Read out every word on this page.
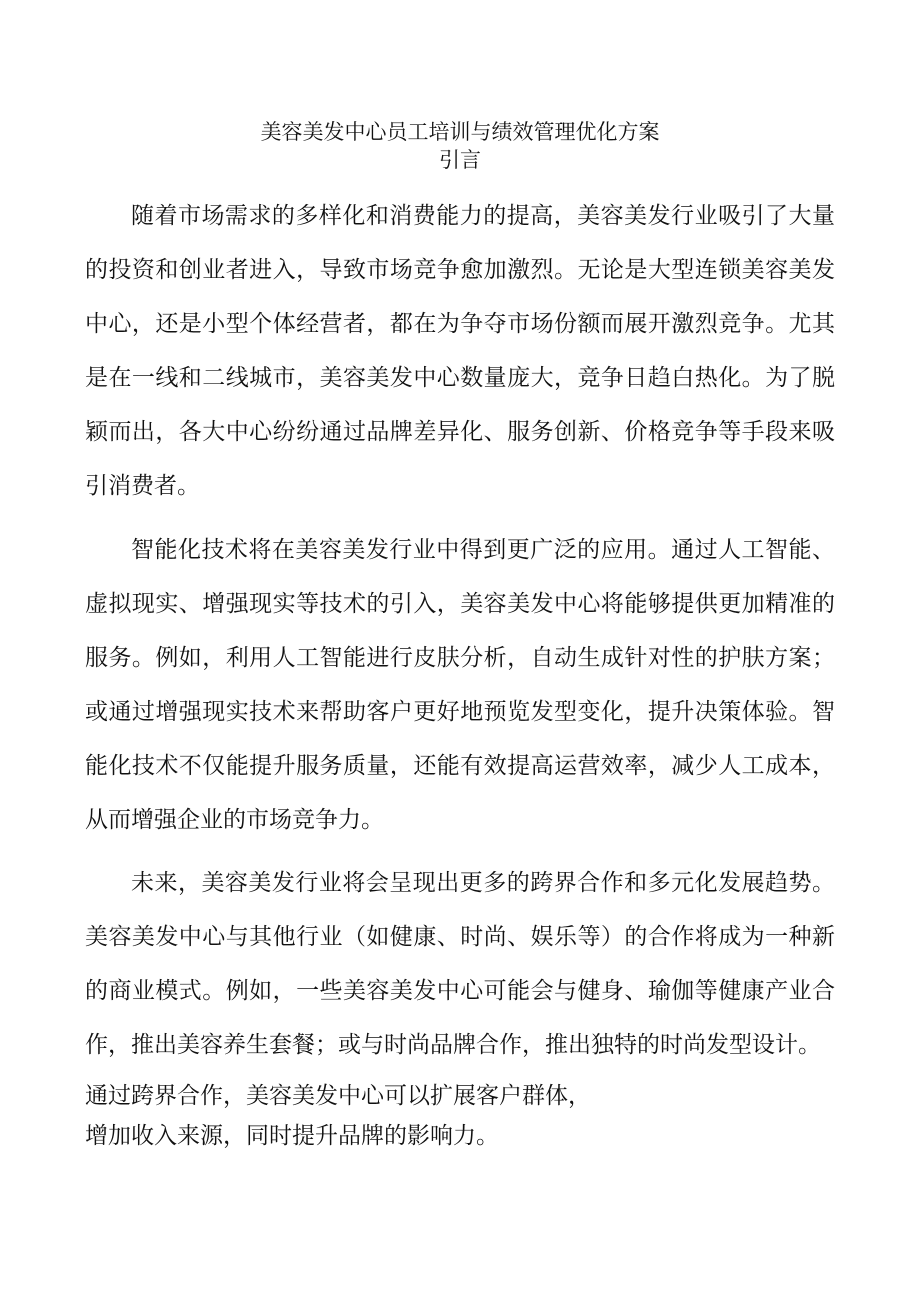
美容美发中心员工培训与绩效管理优化方案
引言
随着市场需求的多样化和消费能力的提高，美容美发行业吸引了大量的投资和创业者进入，导致市场竞争愈加激烈。无论是大型连锁美容美发中心，还是小型个体经营者，都在为争夺市场份额而展开激烈竞争。尤其是在一线和二线城市，美容美发中心数量庞大，竞争日趋白热化。为了脱颖而出，各大中心纷纷通过品牌差异化、服务创新、价格竞争等手段来吸引消费者。
智能化技术将在美容美发行业中得到更广泛的应用。通过人工智能、虚拟现实、增强现实等技术的引入，美容美发中心将能够提供更加精准的服务。例如，利用人工智能进行皮肤分析，自动生成针对性的护肤方案；或通过增强现实技术来帮助客户更好地预览发型变化，提升决策体验。智能化技术不仅能提升服务质量，还能有效提高运营效率，减少人工成本，从而增强企业的市场竞争力。
未来，美容美发行业将会呈现出更多的跨界合作和多元化发展趋势。美容美发中心与其他行业（如健康、时尚、娱乐等）的合作将成为一种新的商业模式。例如，一些美容美发中心可能会与健身、瑜伽等健康产业合作，推出美容养生套餐；或与时尚品牌合作，推出独特的时尚发型设计。
通过跨界合作，美容美发中心可以扩展客户群体，
增加收入来源，同时提升品牌的影响力。
